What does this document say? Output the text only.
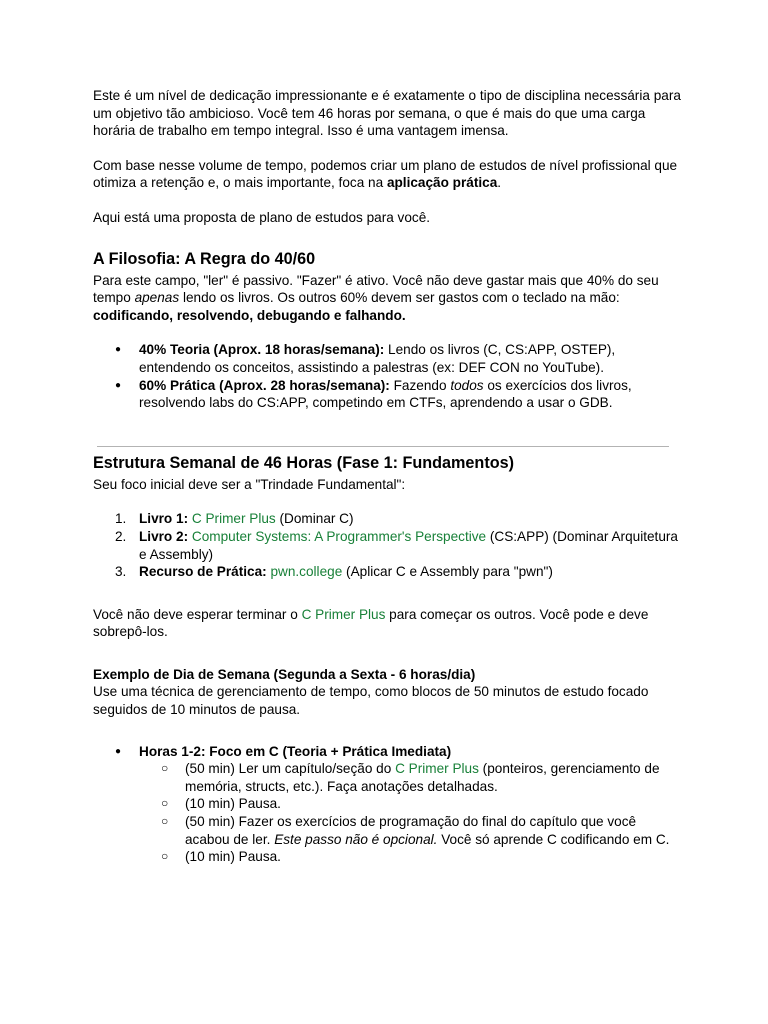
Este é um nível de dedicação impressionante e é exatamente o tipo de disciplina necessária para um objetivo tão ambicioso. Você tem 46 horas por semana, o que é mais do que uma carga horária de trabalho em tempo integral. Isso é uma vantagem imensa.

Com base nesse volume de tempo, podemos criar um plano de estudos de nível profissional que otimiza a retenção e, o mais importante, foca na aplicação prática.

Aqui está uma proposta de plano de estudos para você.

A Filosofia: A Regra do 40/60

Para este campo, "ler" é passivo. "Fazer" é ativo. Você não deve gastar mais que 40% do seu tempo apenas lendo os livros. Os outros 60% devem ser gastos com o teclado na mão: codificando, resolvendo, debugando e falhando.

● 40% Teoria (Aprox. 18 horas/semana): Lendo os livros (C, CS:APP, OSTEP), entendendo os conceitos, assistindo a palestras (ex: DEF CON no YouTube).
● 60% Prática (Aprox. 28 horas/semana): Fazendo todos os exercícios dos livros, resolvendo labs do CS:APP, competindo em CTFs, aprendendo a usar o GDB.
Estrutura Semanal de 46 Horas (Fase 1: Fundamentos)

Seu foco inicial deve ser a "Trindade Fundamental":

1. Livro 1: C Primer Plus (Dominar C)
2. Livro 2: Computer Systems: A Programmer's Perspective (CS:APP) (Dominar Arquitetura e Assembly)
3. Recurso de Prática: pwn.college (Aplicar C e Assembly para "pwn")

Você não deve esperar terminar o C Primer Plus para começar os outros. Você pode e deve sobrepô-los.

Exemplo de Dia de Semana (Segunda a Sexta - 6 horas/dia)

Use uma técnica de gerenciamento de tempo, como blocos de 50 minutos de estudo focado seguidos de 10 minutos de pausa.

● Horas 1-2: Foco em C (Teoria + Prática Imediata)
○ (50 min) Ler um capítulo/seção do C Primer Plus (ponteiros, gerenciamento de memória, structs, etc.). Faça anotações detalhadas.
○ (10 min) Pausa.
○ (50 min) Fazer os exercícios de programação do final do capítulo que você acabou de ler. Este passo não é opcional. Você só aprende C codificando em C.
○ (10 min) Pausa.
